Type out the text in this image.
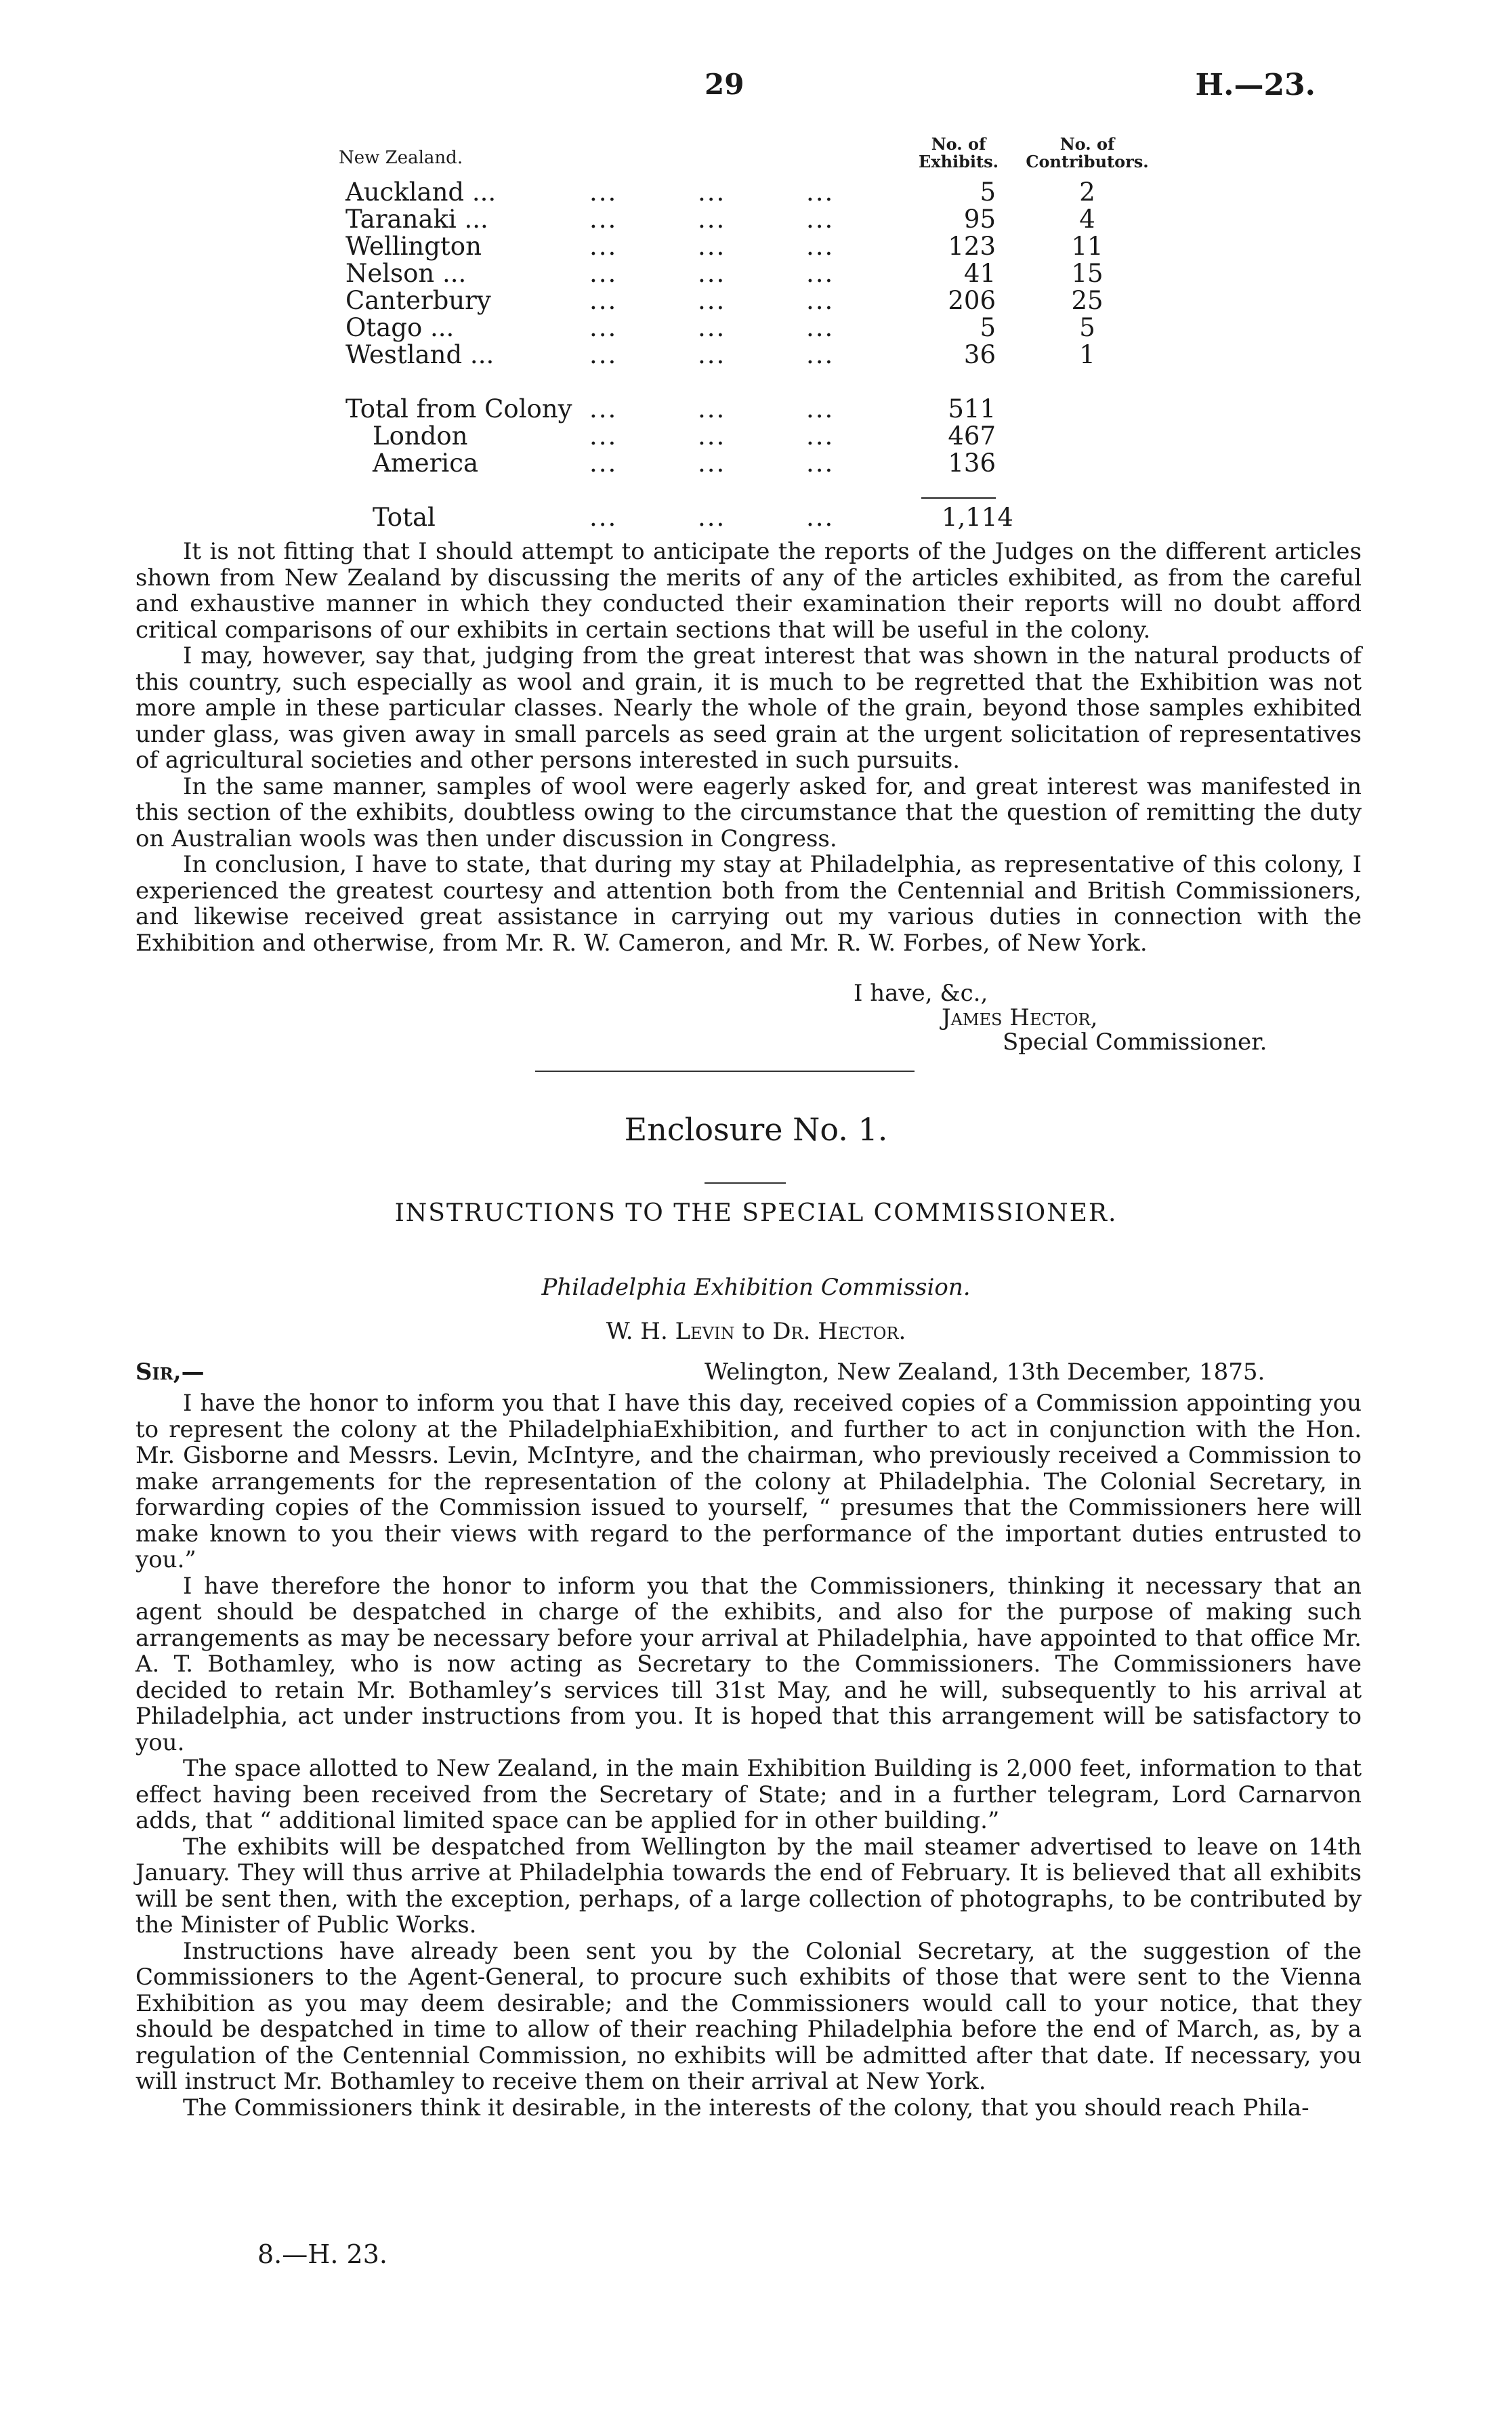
29	H.—23.
New Zealand.
No. of Exhibits.
No. of Contributors.
Auckland ...	...	...	...	5	2
Taranaki ...	...	...	...	95	4
Wellington	...	...	...	123	11
Nelson ...	...	...	...	41	15
Canterbury	...	...	...	206	25
Otago ...	...	...	...	5	5
Westland ...	...	...	...	36	1
Total from Colony ...	...	...	511
London	...	...	...	467
America	...	...	...	136
Total	...	...	...	1,114

It is not fitting that I should attempt to anticipate the reports of the Judges on the different articles shown from New Zealand by discussing the merits of any of the articles exhibited, as from the careful and exhaustive manner in which they conducted their examination their reports will no doubt afford critical comparisons of our exhibits in certain sections that will be useful in the colony.

I may, however, say that, judging from the great interest that was shown in the natural products of this country, such especially as wool and grain, it is much to be regretted that the Exhibition was not more ample in these particular classes. Nearly the whole of the grain, beyond those samples exhibited under glass, was given away in small parcels as seed grain at the urgent solicitation of representatives of agricultural societies and other persons interested in such pursuits.

In the same manner, samples of wool were eagerly asked for, and great interest was manifested in this section of the exhibits, doubtless owing to the circumstance that the question of remitting the duty on Australian wools was then under discussion in Congress.

In conclusion, I have to state, that during my stay at Philadelphia, as representative of this colony, I experienced the greatest courtesy and attention both from the Centennial and British Commissioners, and likewise received great assistance in carrying out my various duties in connection with the Exhibition and otherwise, from Mr. R. W. Cameron, and Mr. R. W. Forbes, of New York.

I have, &c.,
James Hector,
Special Commissioner.
Enclosure No. 1.
INSTRUCTIONS TO THE SPECIAL COMMISSIONER.
Philadelphia Exhibition Commission.
W. H. Levin to Dr. Hector.
Sir,—	Welington, New Zealand, 13th December, 1875.

I have the honor to inform you that I have this day, received copies of a Commission appointing you to represent the colony at the PhiladelphiaExhibition, and further to act in conjunction with the Hon. Mr. Gisborne and Messrs. Levin, McIntyre, and the chairman, who previously received a Commission to make arrangements for the representation of the colony at Philadelphia. The Colonial Secretary, in forwarding copies of the Commission issued to yourself, “ presumes that the Commissioners here will make known to you their views with regard to the performance of the important duties entrusted to you.”

I have therefore the honor to inform you that the Commissioners, thinking it necessary that an agent should be despatched in charge of the exhibits, and also for the purpose of making such arrangements as may be necessary before your arrival at Philadelphia, have appointed to that office Mr. A. T. Bothamley, who is now acting as Secretary to the Commissioners. The Commissioners have decided to retain Mr. Bothamley’s services till 31st May, and he will, subsequently to his arrival at Philadelphia, act under instructions from you. It is hoped that this arrangement will be satisfactory to you.

The space allotted to New Zealand, in the main Exhibition Building is 2,000 feet, information to that effect having been received from the Secretary of State; and in a further telegram, Lord Carnarvon adds, that “ additional limited space can be applied for in other building.”

The exhibits will be despatched from Wellington by the mail steamer advertised to leave on 14th January. They will thus arrive at Philadelphia towards the end of February. It is believed that all exhibits will be sent then, with the exception, perhaps, of a large collection of photographs, to be contributed by the Minister of Public Works.

Instructions have already been sent you by the Colonial Secretary, at the suggestion of the Commissioners to the Agent-General, to procure such exhibits of those that were sent to the Vienna Exhibition as you may deem desirable; and the Commissioners would call to your notice, that they should be despatched in time to allow of their reaching Philadelphia before the end of March, as, by a regulation of the Centennial Commission, no exhibits will be admitted after that date. If necessary, you will instruct Mr. Bothamley to receive them on their arrival at New York.

The Commissioners think it desirable, in the interests of the colony, that you should reach Phila-

8.—H. 23.
